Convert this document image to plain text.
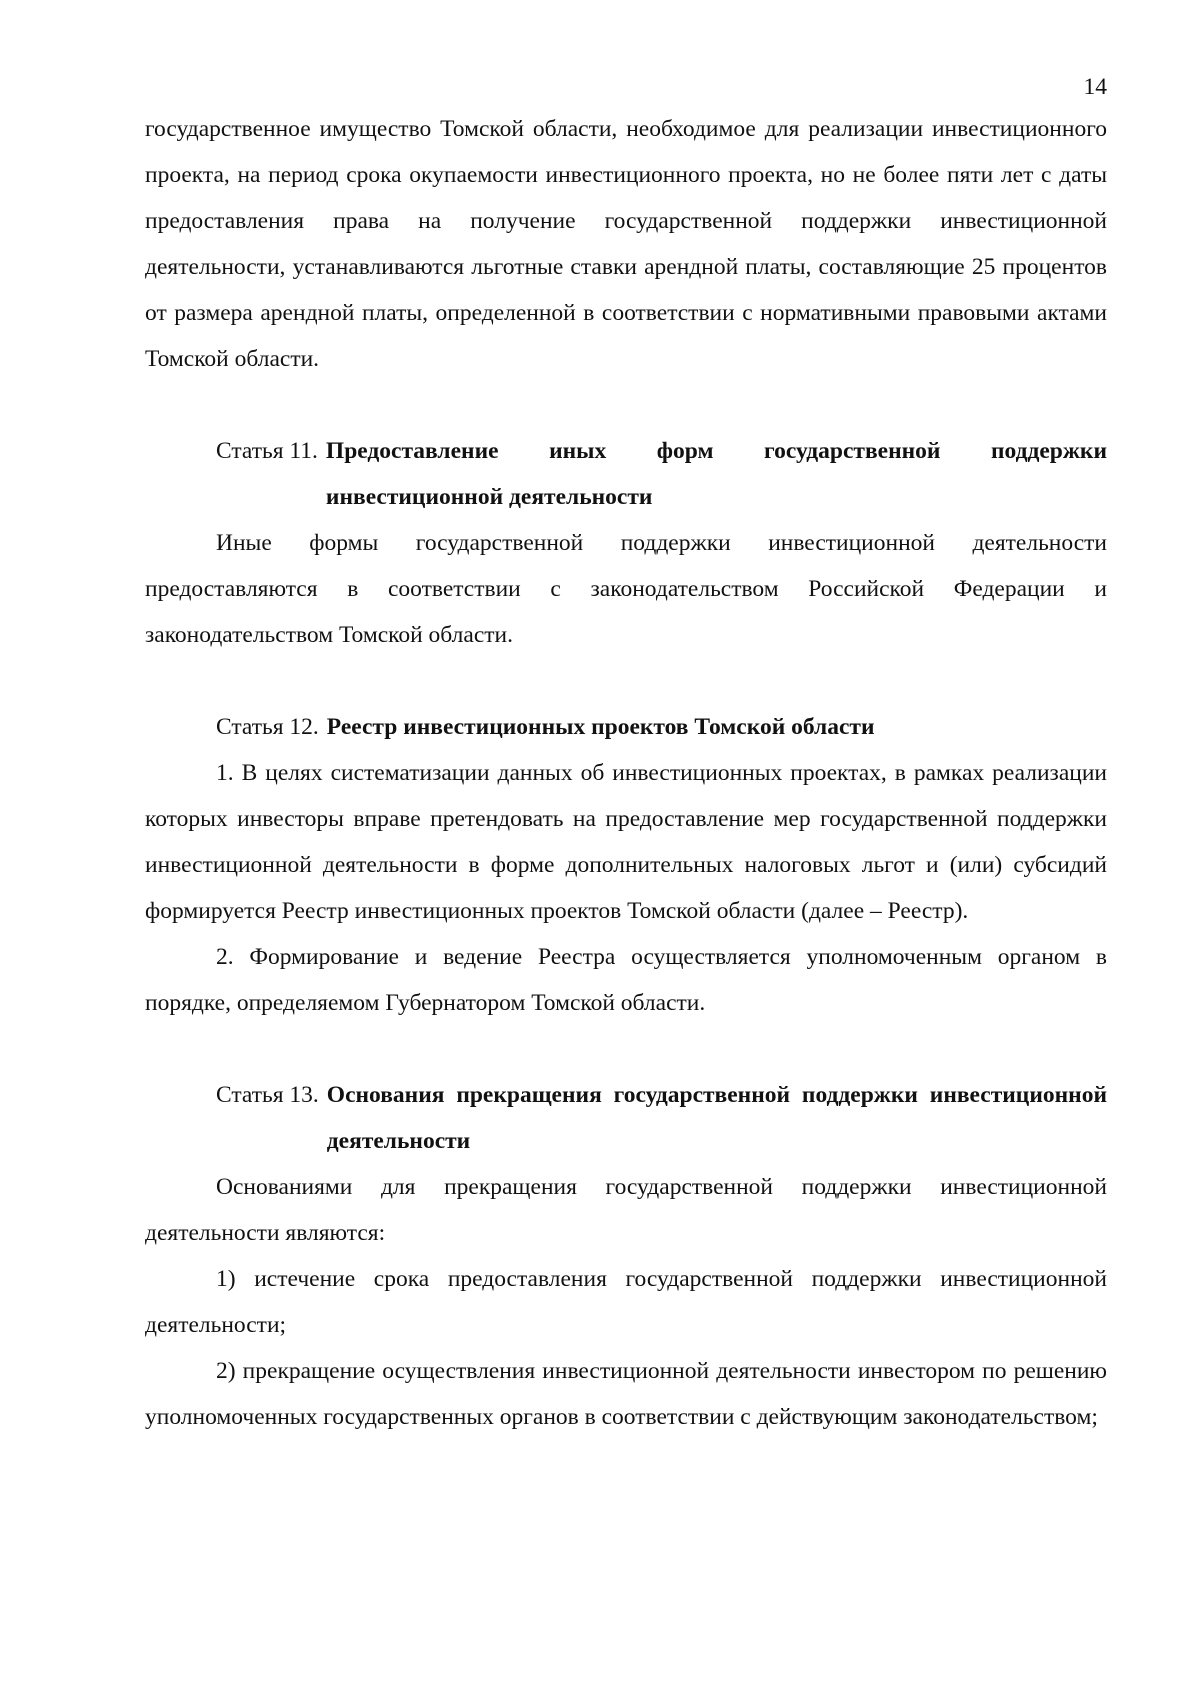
14

государственное имущество Томской области, необходимое для реализации инвестиционного проекта, на период срока окупаемости инвестиционного проекта, но не более пяти лет с даты предоставления права на получение государственной поддержки инвестиционной деятельности, устанавливаются льготные ставки арендной платы, составляющие 25 процентов от размера арендной платы, определенной в соответствии с нормативными правовыми актами Томской области.

Статья 11. Предоставление иных форм государственной поддержки инвестиционной деятельности

Иные формы государственной поддержки инвестиционной деятельности предоставляются в соответствии с законодательством Российской Федерации и законодательством Томской области.

Статья 12. Реестр инвестиционных проектов Томской области

1. В целях систематизации данных об инвестиционных проектах, в рамках реализации которых инвесторы вправе претендовать на предоставление мер государственной поддержки инвестиционной деятельности в форме дополнительных налоговых льгот и (или) субсидий формируется Реестр инвестиционных проектов Томской области (далее – Реестр).

2. Формирование и ведение Реестра осуществляется уполномоченным органом в порядке, определяемом Губернатором Томской области.

Статья 13. Основания прекращения государственной поддержки инвестиционной деятельности

Основаниями для прекращения государственной поддержки инвестиционной деятельности являются:

1) истечение срока предоставления государственной поддержки инвестиционной деятельности;

2) прекращение осуществления инвестиционной деятельности инвестором по решению уполномоченных государственных органов в соответствии с действующим законодательством;
